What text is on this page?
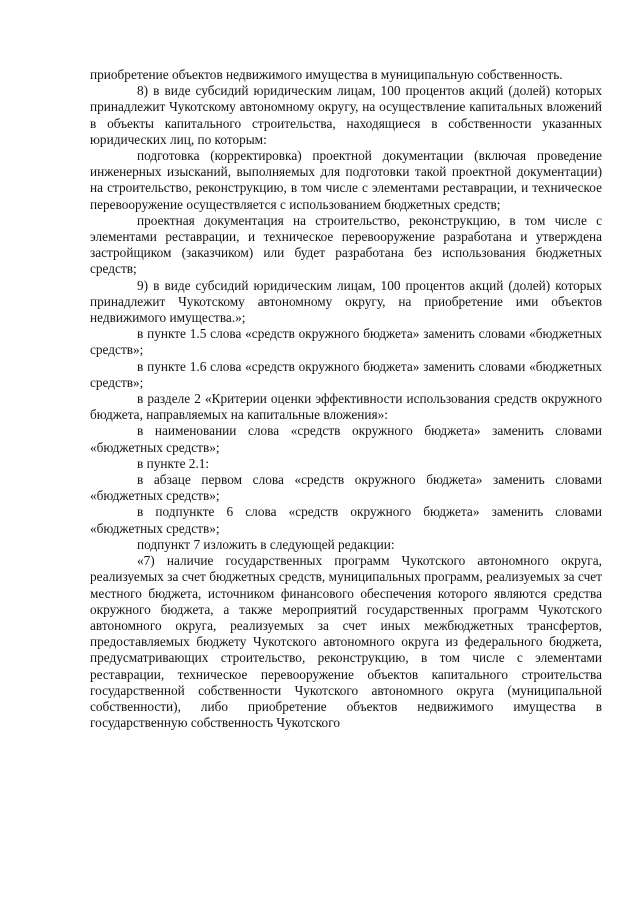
приобретение объектов недвижимого имущества в муниципальную собственность.

8) в виде субсидий юридическим лицам, 100 процентов акций (долей) которых принадлежит Чукотскому автономному округу, на осуществление капитальных вложений в объекты капитального строительства, находящиеся в собственности указанных юридических лиц, по которым:

подготовка (корректировка) проектной документации (включая проведение инженерных изысканий, выполняемых для подготовки такой проектной документации) на строительство, реконструкцию, в том числе с элементами реставрации, и техническое перевооружение осуществляется с использованием бюджетных средств;

проектная документация на строительство, реконструкцию, в том числе с элементами реставрации, и техническое перевооружение разработана и утверждена застройщиком (заказчиком) или будет разработана без использования бюджетных средств;

9) в виде субсидий юридическим лицам, 100 процентов акций (долей) которых принадлежит Чукотскому автономному округу, на приобретение ими объектов недвижимого имущества.»;

в пункте 1.5 слова «средств окружного бюджета» заменить словами «бюджетных средств»;

в пункте 1.6 слова «средств окружного бюджета» заменить словами «бюджетных средств»;

в разделе 2 «Критерии оценки эффективности использования средств окружного бюджета, направляемых на капитальные вложения»:

в наименовании слова «средств окружного бюджета» заменить словами «бюджетных средств»;

в пункте 2.1:

в абзаце первом слова «средств окружного бюджета» заменить словами «бюджетных средств»;

в подпункте 6 слова «средств окружного бюджета» заменить словами «бюджетных средств»;

подпункт 7 изложить в следующей редакции:

«7) наличие государственных программ Чукотского автономного округа, реализуемых за счет бюджетных средств, муниципальных программ, реализуемых за счет местного бюджета, источником финансового обеспечения которого являются средства окружного бюджета, а также мероприятий государственных программ Чукотского автономного округа, реализуемых за счет иных межбюджетных трансфертов, предоставляемых бюджету Чукотского автономного округа из федерального бюджета, предусматривающих строительство, реконструкцию, в том числе с элементами реставрации, техническое перевооружение объектов капитального строительства государственной собственности Чукотского автономного округа (муниципальной собственности), либо приобретение объектов недвижимого имущества в государственную собственность Чукотского
